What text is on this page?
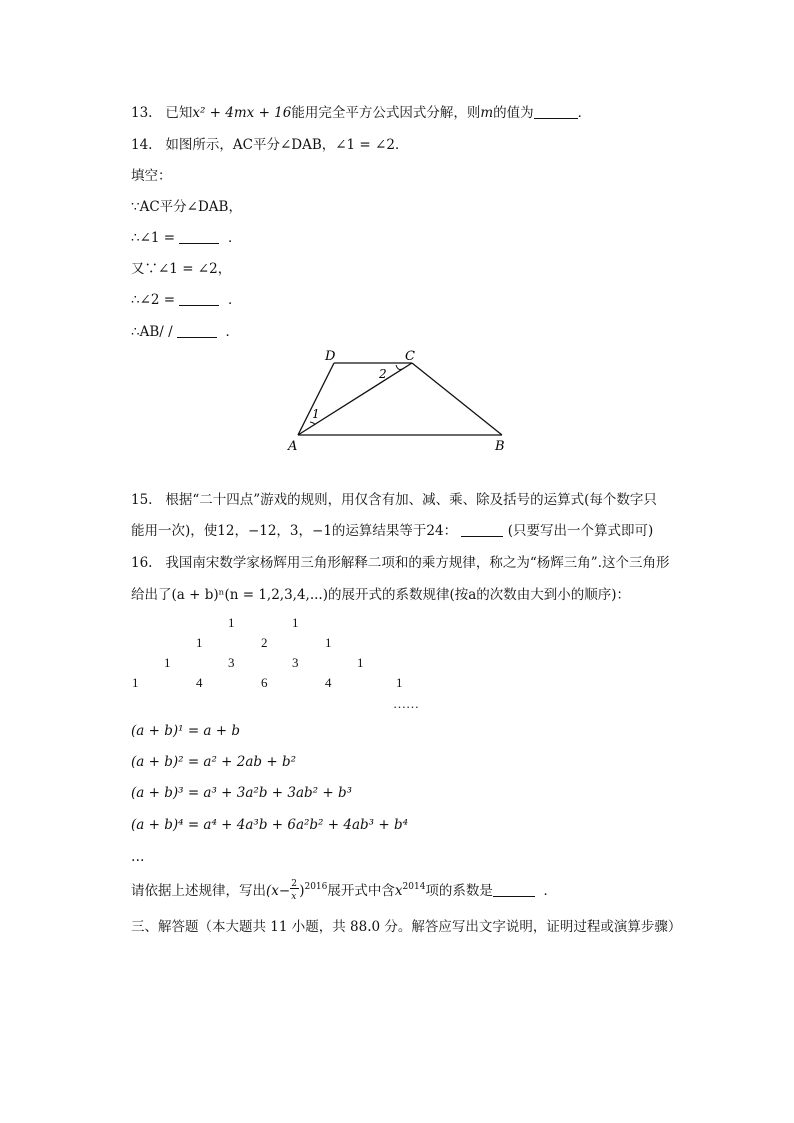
13. 已知x² + 4mx + 16能用完全平方公式因式分解，则m的值为	．
14. 如图所示，AC平分∠DAB，∠1 = ∠2．
填空：
∵AC平分∠DAB，
∴∠1 =	．
又∵∠1 = ∠2，
∴∠2 =	．
∴AB/ /	．
D	C
A	B
1
2
15. 根据“二十四点”游戏的规则，用仅含有加、减、乘、除及括号的运算式(每个数字只
能用一次)，使12，−12，3，−1的运算结果等于24：	(只要写出一个算式即可)
16. 我国南宋数学家杨辉用三角形解释二项和的乘方规律，称之为“杨辉三角”.这个三角形
给出了(a + b)ⁿ(n = 1,2,3,4,...)的展开式的系数规律(按a的次数由大到小的顺序)：
1	1
1	2	1
1	3	3	1
1	4	6	4	1
……
(a + b)¹ = a + b
(a + b)² = a² + 2ab + b²
(a + b)³ = a³ + 3a²b + 3ab² + b³
(a + b)⁴ = a⁴ + 4a³b + 6a²b² + 4ab³ + b⁴
…
请依据上述规律，写出(x− 2
x )$^{2016}$展开式中含$x^{2014}$项的系数是	．
三、解答题（本大题共 11 小题，共 88.0 分。解答应写出文字说明，证明过程或演算步骤）
